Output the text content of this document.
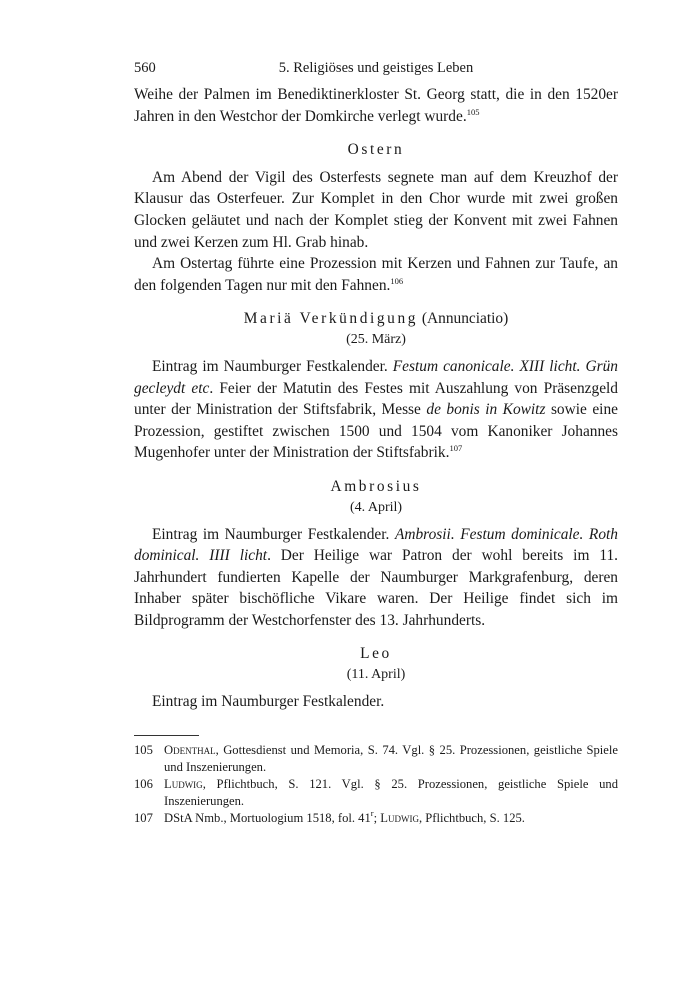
560	5. Religiöses und geistiges Leben

Weihe der Palmen im Benediktinerkloster St. Georg statt, die in den 1520er Jahren in den Westchor der Domkirche verlegt wurde.$^{105}$

Ostern

Am Abend der Vigil des Osterfests segnete man auf dem Kreuzhof der Klausur das Osterfeuer. Zur Komplet in den Chor wurde mit zwei großen Glocken geläutet und nach der Komplet stieg der Konvent mit zwei Fahnen und zwei Kerzen zum Hl. Grab hinab.

Am Ostertag führte eine Prozession mit Kerzen und Fahnen zur Taufe, an den folgenden Tagen nur mit den Fahnen.$^{106}$

Mariä Verkündigung (Annunciatio)
(25. März)

Eintrag im Naumburger Festkalender. Festum canonicale. XIII licht. Grün gecleydt etc. Feier der Matutin des Festes mit Auszahlung von Präsenzgeld unter der Ministration der Stiftsfabrik, Messe de bonis in Kowitz sowie eine Prozession, gestiftet zwischen 1500 und 1504 vom Kanoniker Johannes Mugenhofer unter der Ministration der Stiftsfabrik.$^{107}$

Ambrosius
(4. April)

Eintrag im Naumburger Festkalender. Ambrosii. Festum dominicale. Roth dominical. IIII licht. Der Heilige war Patron der wohl bereits im 11. Jahrhundert fundierten Kapelle der Naumburger Markgrafenburg, deren Inhaber später bischöfliche Vikare waren. Der Heilige findet sich im Bildprogramm der Westchorfenster des 13. Jahrhunderts.

Leo
(11. April)

Eintrag im Naumburger Festkalender.

105 Odenthal, Gottesdienst und Memoria, S. 74. Vgl. § 25. Prozessionen, geistliche Spiele und Inszenierungen.
106 Ludwig, Pflichtbuch, S. 121. Vgl. § 25. Prozessionen, geistliche Spiele und Inszenierungen.
107 DStA Nmb., Mortuologium 1518, fol. 41$^r$; Ludwig, Pflichtbuch, S. 125.
